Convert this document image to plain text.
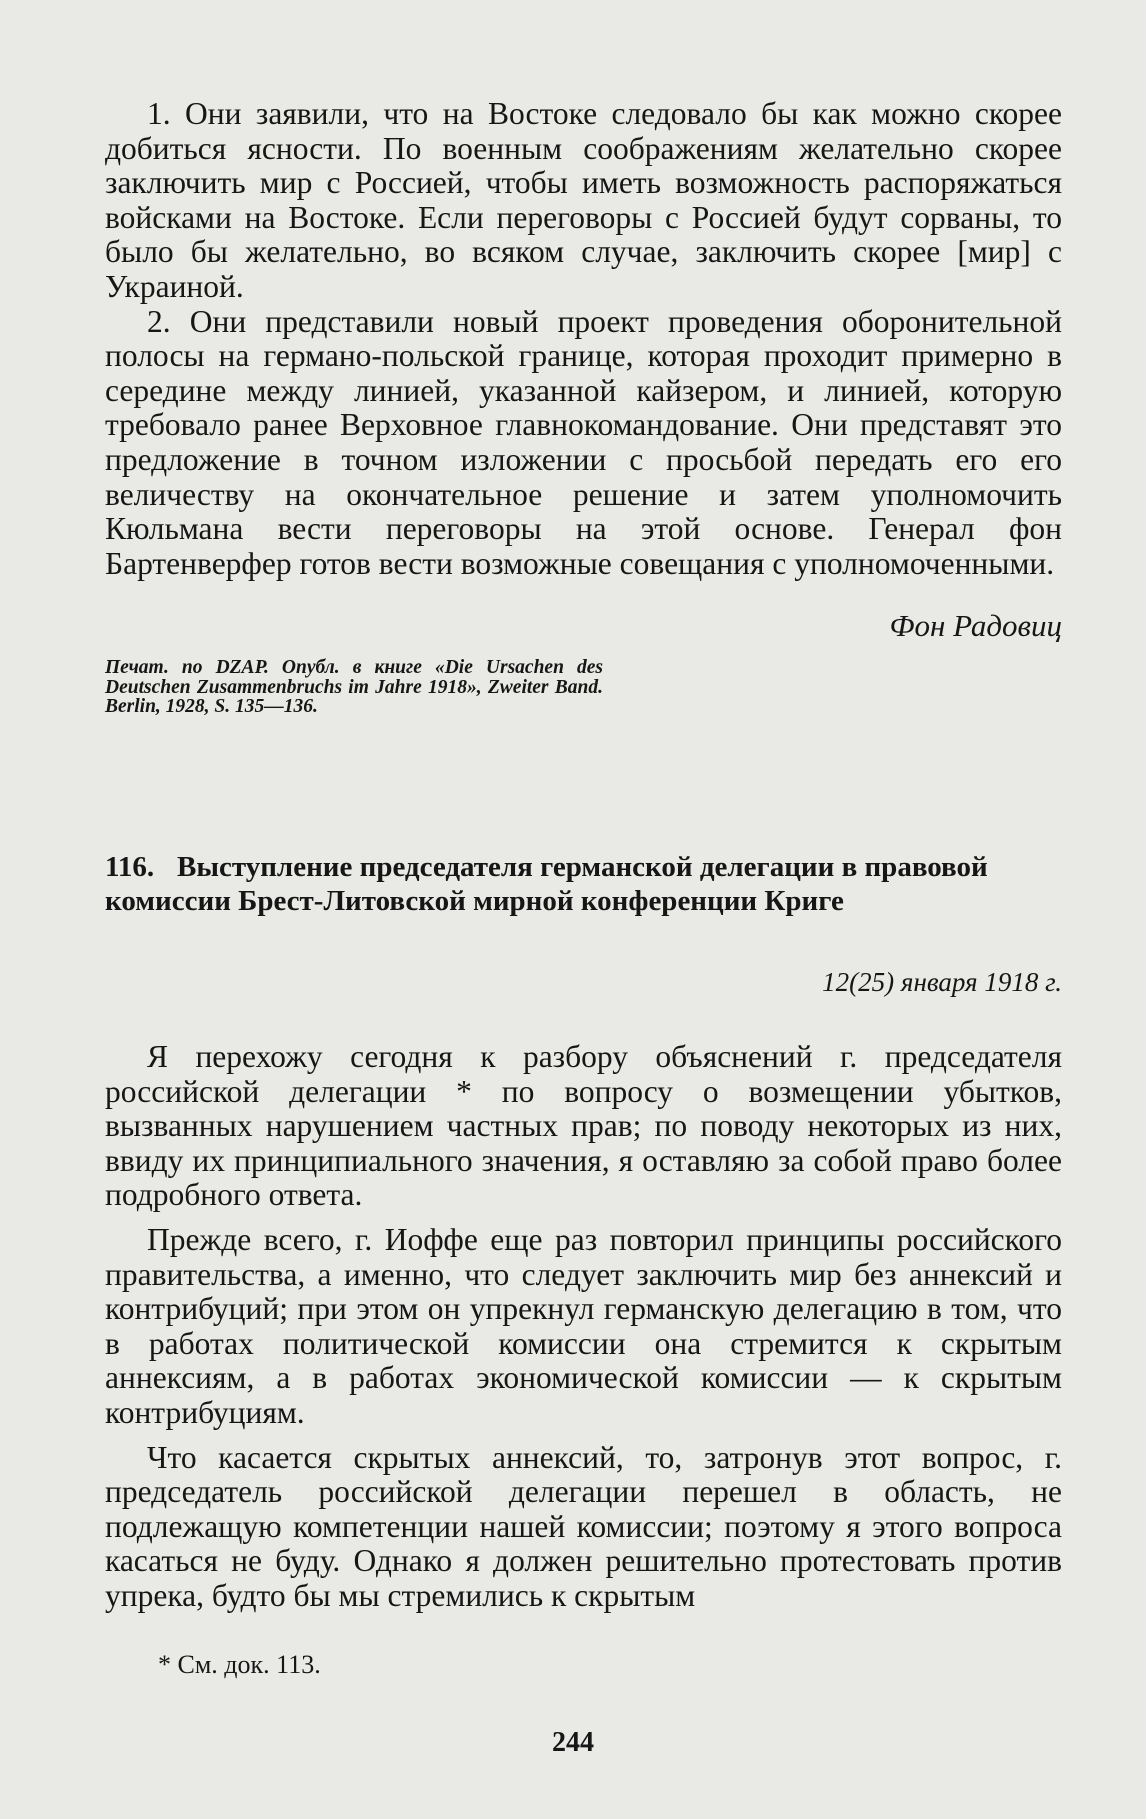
1. Они заявили, что на Востоке следовало бы как можно скорее добиться ясности. По военным соображениям желательно скорее заключить мир с Россией, чтобы иметь возможность распоряжаться войсками на Востоке. Если переговоры с Россией будут сорваны, то было бы желательно, во всяком случае, заключить скорее [мир] с Украиной.

2. Они представили новый проект проведения оборонительной полосы на германо-польской границе, которая проходит примерно в середине между линией, указанной кайзером, и линией, которую требовало ранее Верховное главнокомандование. Они представят это предложение в точном изложении с просьбой передать его его величеству на окончательное решение и затем уполномочить Кюльмана вести переговоры на этой основе. Генерал фон Бартенверфер готов вести возможные совещания с уполномоченными.

Фон Радовиц

Печат. по DZAP. Опубл. в книге «Die Ursachen des Deutschen Zusammenbruchs im Jahre 1918», Zweiter Band. Berlin, 1928, S. 135—136.

116. Выступление председателя германской делегации в правовой комиссии Брест-Литовской мирной конференции Криге

12(25) января 1918 г.

Я перехожу сегодня к разбору объяснений г. председателя российской делегации * по вопросу о возмещении убытков, вызванных нарушением частных прав; по поводу некоторых из них, ввиду их принципиального значения, я оставляю за собой право более подробного ответа.

Прежде всего, г. Иоффе еще раз повторил принципы российского правительства, а именно, что следует заключить мир без аннексий и контрибуций; при этом он упрекнул германскую делегацию в том, что в работах политической комиссии она стремится к скрытым аннексиям, а в работах экономической комиссии — к скрытым контрибуциям.

Что касается скрытых аннексий, то, затронув этот вопрос, г. председатель российской делегации перешел в область, не подлежащую компетенции нашей комиссии; поэтому я этого вопроса касаться не буду. Однако я должен решительно протестовать против упрека, будто бы мы стремились к скрытым

* См. док. 113.

244
